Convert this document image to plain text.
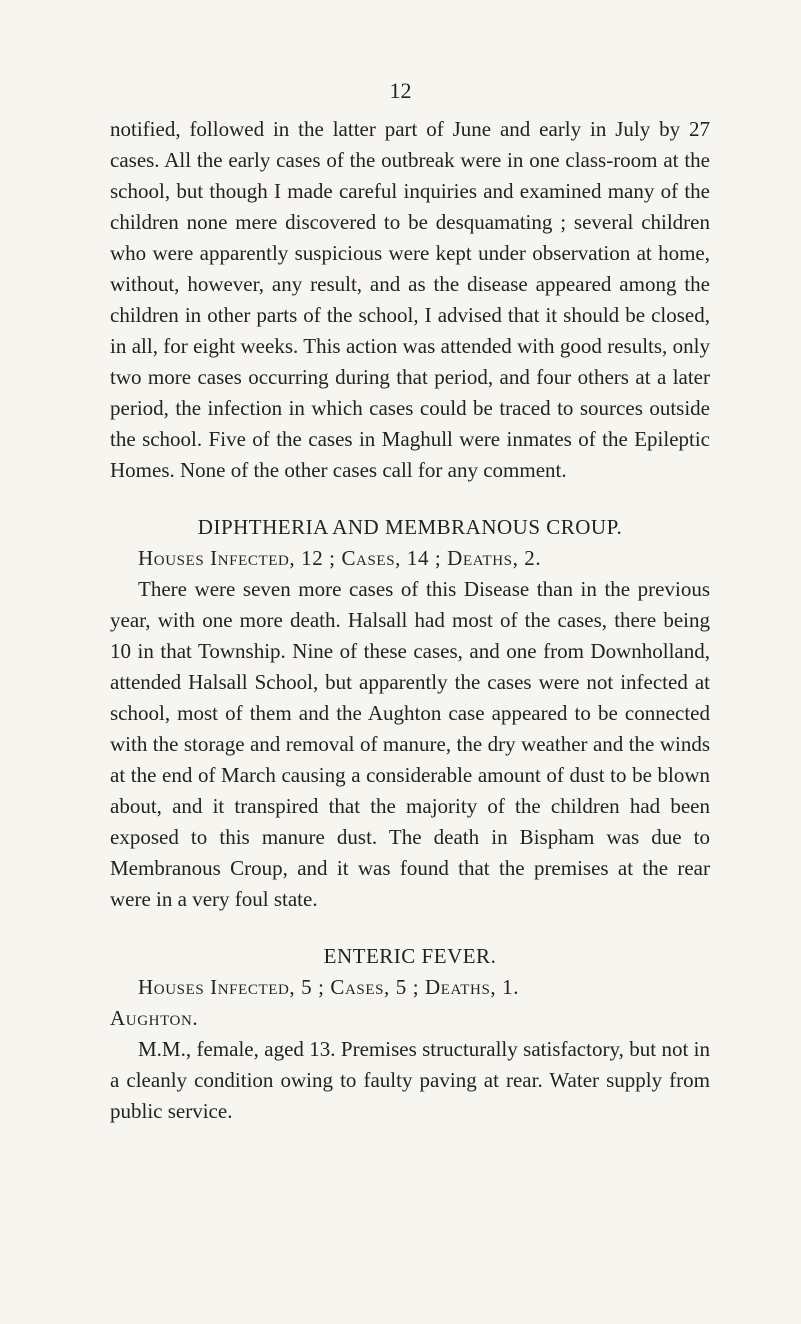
12

notified, followed in the latter part of June and early in July by 27 cases. All the early cases of the outbreak were in one class-room at the school, but though I made careful inquiries and examined many of the children none mere discovered to be desquamating ; several children who were apparently suspicious were kept under observation at home, without, however, any result, and as the disease appeared among the children in other parts of the school, I advised that it should be closed, in all, for eight weeks. This action was attended with good results, only two more cases occurring during that period, and four others at a later period, the infection in which cases could be traced to sources outside the school. Five of the cases in Maghull were inmates of the Epileptic Homes. None of the other cases call for any comment.

DIPHTHERIA AND MEMBRANOUS CROUP.
Houses Infected, 12 ; Cases, 14 ; Deaths, 2.

There were seven more cases of this Disease than in the previous year, with one more death. Halsall had most of the cases, there being 10 in that Township. Nine of these cases, and one from Downholland, attended Halsall School, but apparently the cases were not infected at school, most of them and the Aughton case appeared to be connected with the storage and removal of manure, the dry weather and the winds at the end of March causing a considerable amount of dust to be blown about, and it transpired that the majority of the children had been exposed to this manure dust. The death in Bispham was due to Membranous Croup, and it was found that the premises at the rear were in a very foul state.

ENTERIC FEVER.
Houses Infected, 5 ; Cases, 5 ; Deaths, 1.
Aughton.

M.M., female, aged 13. Premises structurally satisfactory, but not in a cleanly condition owing to faulty paving at rear. Water supply from public service.
